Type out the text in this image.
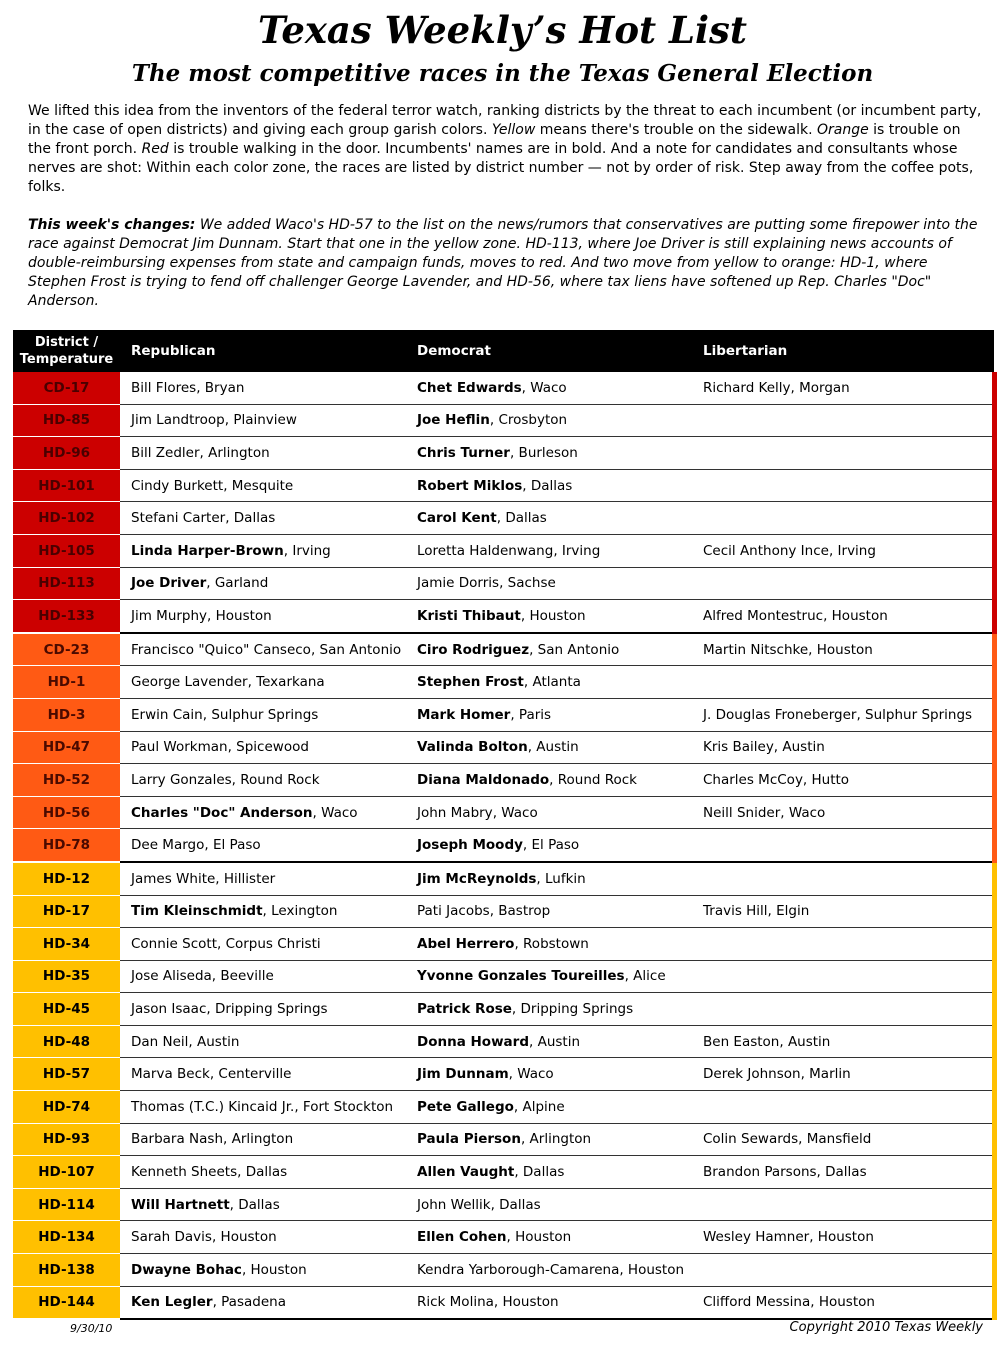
Texas Weekly’s Hot List
The most competitive races in the Texas General Election
We lifted this idea from the inventors of the federal terror watch, ranking districts by the threat to each incumbent (or incumbent party, in the case of open districts) and giving each group garish colors. Yellow means there's trouble on the sidewalk. Orange is trouble on the front porch. Red is trouble walking in the door. Incumbents' names are in bold. And a note for candidates and consultants whose nerves are shot: Within each color zone, the races are listed by district number — not by order of risk. Step away from the coffee pots, folks.
This week's changes: We added Waco's HD-57 to the list on the news/rumors that conservatives are putting some firepower into the race against Democrat Jim Dunnam. Start that one in the yellow zone. HD-113, where Joe Driver is still explaining news accounts of double-reimbursing expenses from state and campaign funds, moves to red. And two move from yellow to orange: HD-1, where Stephen Frost is trying to fend off challenger George Lavender, and HD-56, where tax liens have softened up Rep. Charles "Doc" Anderson.
District /
Temperature	Republican	Democrat	Libertarian
CD-17	Bill Flores, Bryan	Chet Edwards, Waco	Richard Kelly, Morgan
HD-85	Jim Landtroop, Plainview	Joe Heflin, Crosbyton	
HD-96	Bill Zedler, Arlington	Chris Turner, Burleson	
HD-101	Cindy Burkett, Mesquite	Robert Miklos, Dallas	
HD-102	Stefani Carter, Dallas	Carol Kent, Dallas	
HD-105	Linda Harper-Brown, Irving	Loretta Haldenwang, Irving	Cecil Anthony Ince, Irving
HD-113	Joe Driver, Garland	Jamie Dorris, Sachse	
HD-133	Jim Murphy, Houston	Kristi Thibaut, Houston	Alfred Montestruc, Houston
CD-23	Francisco "Quico" Canseco, San Antonio	Ciro Rodriguez, San Antonio	Martin Nitschke, Houston
HD-1	George Lavender, Texarkana	Stephen Frost, Atlanta	
HD-3	Erwin Cain, Sulphur Springs	Mark Homer, Paris	J. Douglas Froneberger, Sulphur Springs
HD-47	Paul Workman, Spicewood	Valinda Bolton, Austin	Kris Bailey, Austin
HD-52	Larry Gonzales, Round Rock	Diana Maldonado, Round Rock	Charles McCoy, Hutto
HD-56	Charles "Doc" Anderson, Waco	John Mabry, Waco	Neill Snider, Waco
HD-78	Dee Margo, El Paso	Joseph Moody, El Paso	
HD-12	James White, Hillister	Jim McReynolds, Lufkin	
HD-17	Tim Kleinschmidt, Lexington	Pati Jacobs, Bastrop	Travis Hill, Elgin
HD-34	Connie Scott, Corpus Christi	Abel Herrero, Robstown	
HD-35	Jose Aliseda, Beeville	Yvonne Gonzales Toureilles, Alice	
HD-45	Jason Isaac, Dripping Springs	Patrick Rose, Dripping Springs	
HD-48	Dan Neil, Austin	Donna Howard, Austin	Ben Easton, Austin
HD-57	Marva Beck, Centerville	Jim Dunnam, Waco	Derek Johnson, Marlin
HD-74	Thomas (T.C.) Kincaid Jr., Fort Stockton	Pete Gallego, Alpine	
HD-93	Barbara Nash, Arlington	Paula Pierson, Arlington	Colin Sewards, Mansfield
HD-107	Kenneth Sheets, Dallas	Allen Vaught, Dallas	Brandon Parsons, Dallas
HD-114	Will Hartnett, Dallas	John Wellik, Dallas	
HD-134	Sarah Davis, Houston	Ellen Cohen, Houston	Wesley Hamner, Houston
HD-138	Dwayne Bohac, Houston	Kendra Yarborough-Camarena, Houston	
HD-144	Ken Legler, Pasadena	Rick Molina, Houston	Clifford Messina, Houston
9/30/10	Copyright 2010 Texas Weekly
